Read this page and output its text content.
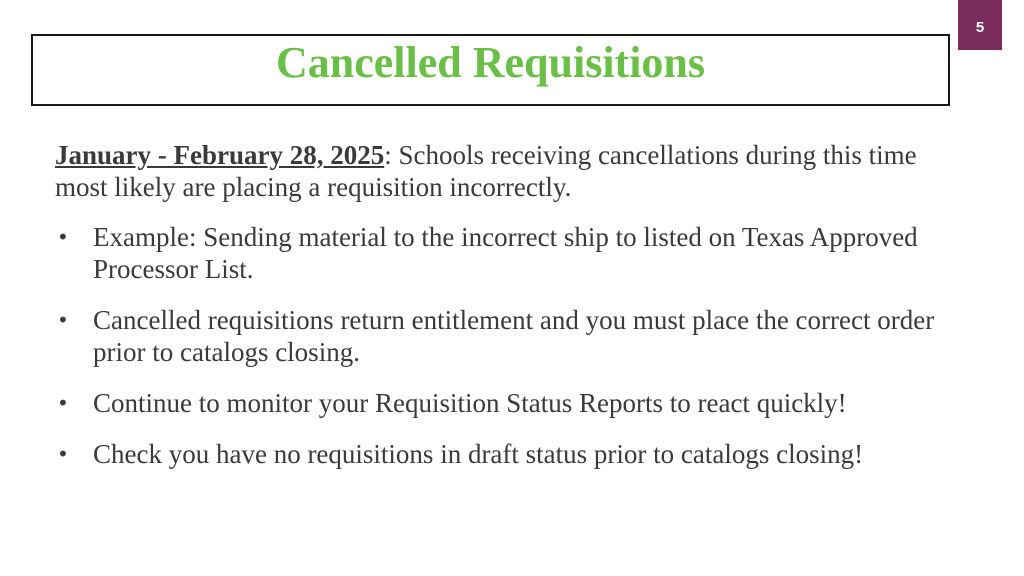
5
Cancelled Requisitions

January - February 28, 2025: Schools receiving cancellations during this time most likely are placing a requisition incorrectly.

• Example: Sending material to the incorrect ship to listed on Texas Approved Processor List.
• Cancelled requisitions return entitlement and you must place the correct order prior to catalogs closing.
• Continue to monitor your Requisition Status Reports to react quickly!
• Check you have no requisitions in draft status prior to catalogs closing!
